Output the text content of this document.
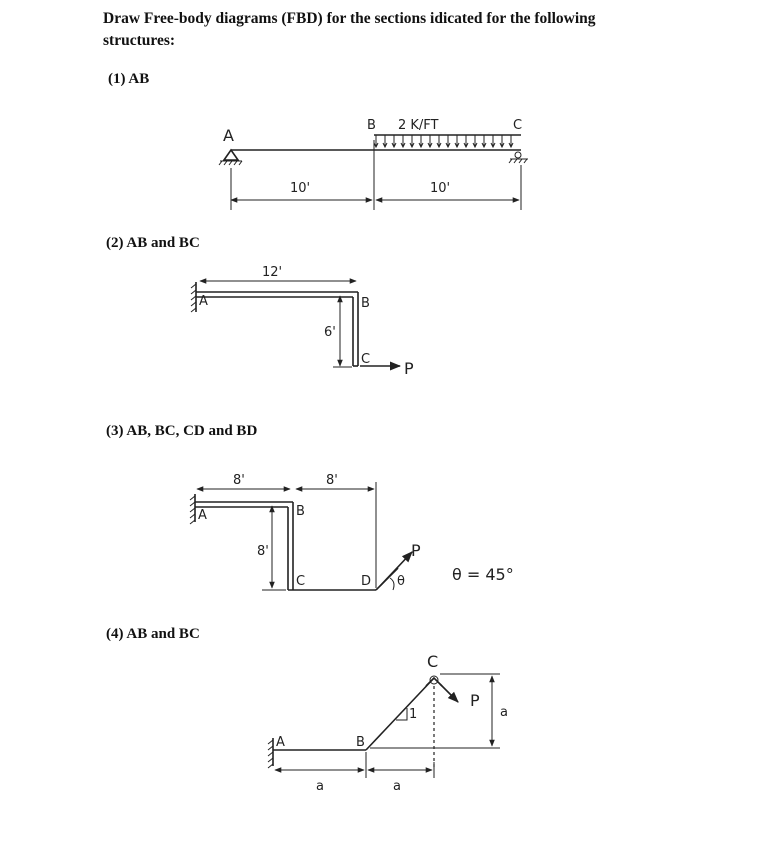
Draw Free-body diagrams (FBD) for the sections idicated for the following
structures:
(1) AB
(2) AB and BC
(3) AB, BC, CD and BD
(4) AB and BC
A
B 2 K/FT	C
10'	10'
12'
A	B
C
6'
P
8'	8'
A	B
8'
C	D
P
θ	θ = 45°
A	B
C
P
1
a	a
a
